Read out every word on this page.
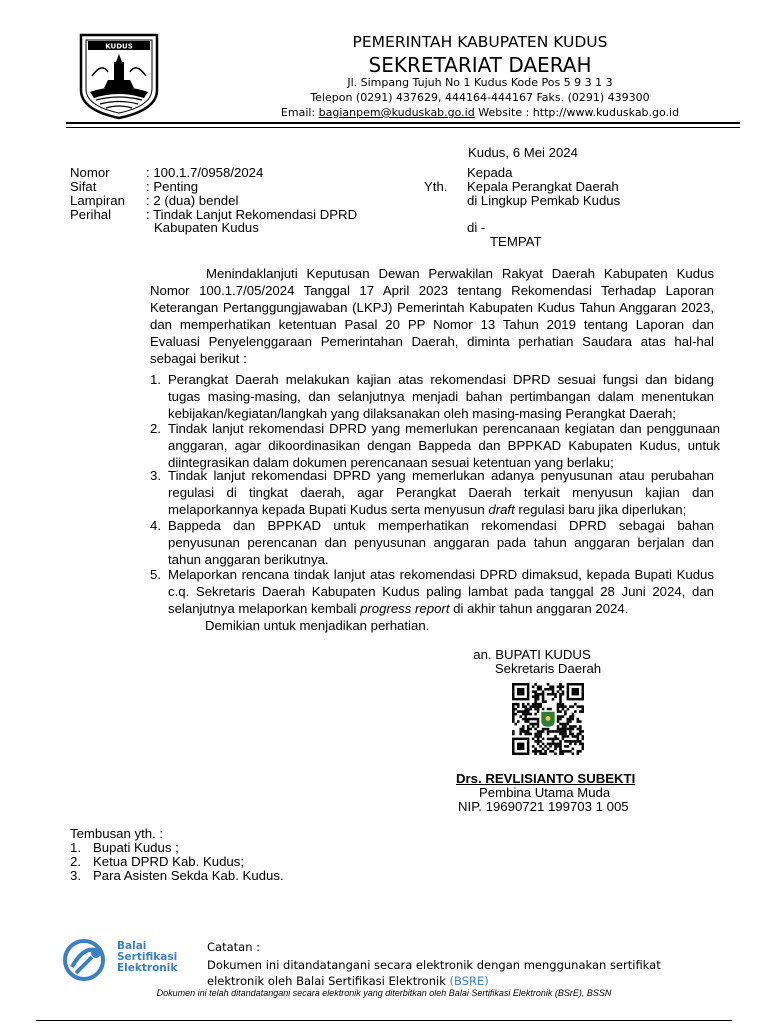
KUDUS	PEMERINTAH KABUPATEN KUDUS
SEKRETARIAT DAERAH
Jl. Simpang Tujuh No 1 Kudus Kode Pos 5 9 3 1 3
Telepon (0291) 437629, 444164-444167 Faks. (0291) 439300
Email: bagianpem@kuduskab.go.id Website : http://www.kuduskab.go.id
Kudus, 6 Mei 2024
Nomor	: 100.1.7/0958/2024
Sifat	: Penting
Lampiran : 2 (dua) bendel
Perihal	: Tindak Lanjut Rekomendasi DPRD
Kabupaten Kudus
Kepada
Yth. Kepala Perangkat Daerah
di Lingkup Pemkab Kudus
di -
TEMPAT
Menindaklanjuti Keputusan Dewan Perwakilan Rakyat Daerah Kabupaten Kudus Nomor 100.1.7/05/2024 Tanggal 17 April 2023 tentang Rekomendasi Terhadap Laporan Keterangan Pertanggungjawaban (LKPJ) Pemerintah Kabupaten Kudus Tahun Anggaran 2023, dan memperhatikan ketentuan Pasal 20 PP Nomor 13 Tahun 2019 tentang Laporan dan Evaluasi Penyelenggaraan Pemerintahan Daerah, diminta perhatian Saudara atas hal-hal sebagai berikut :
1. Perangkat Daerah melakukan kajian atas rekomendasi DPRD sesuai fungsi dan bidang tugas masing-masing, dan selanjutnya menjadi bahan pertimbangan dalam menentukan kebijakan/kegiatan/langkah yang dilaksanakan oleh masing-masing Perangkat Daerah;
2. Tindak lanjut rekomendasi DPRD yang memerlukan perencanaan kegiatan dan penggunaan anggaran, agar dikoordinasikan dengan Bappeda dan BPPKAD Kabupaten Kudus, untuk diintegrasikan dalam dokumen perencanaan sesuai ketentuan yang berlaku;
3. Tindak lanjut rekomendasi DPRD yang memerlukan adanya penyusunan atau perubahan regulasi di tingkat daerah, agar Perangkat Daerah terkait menyusun kajian dan melaporkannya kepada Bupati Kudus serta menyusun draft regulasi baru jika diperlukan;
4. Bappeda dan BPPKAD untuk memperhatikan rekomendasi DPRD sebagai bahan penyusunan perencanan dan penyusunan anggaran pada tahun anggaran berjalan dan tahun anggaran berikutnya.
5. Melaporkan rencana tindak lanjut atas rekomendasi DPRD dimaksud, kepada Bupati Kudus c.q. Sekretaris Daerah Kabupaten Kudus paling lambat pada tanggal 28 Juni 2024, dan selanjutnya melaporkan kembali progress report di akhir tahun anggaran 2024.
Demikian untuk menjadikan perhatian.
an. BUPATI KUDUS
Sekretaris Daerah
Drs. REVLISIANTO SUBEKTI
Pembina Utama Muda
NIP. 19690721 199703 1 005
Tembusan yth. :
1. Bupati Kudus ;
2. Ketua DPRD Kab. Kudus;
3. Para Asisten Sekda Kab. Kudus.
Balai
Sertifikasi
Elektronik
Catatan :
Dokumen ini ditandatangani secara elektronik dengan menggunakan sertifikat
elektronik oleh Balai Sertifikasi Elektronik (BSRE)
Dokumen ini telah ditandatangani secara elektronik yang diterbitkan oleh Balai Sertifikasi Elektronik (BSrE), BSSN
